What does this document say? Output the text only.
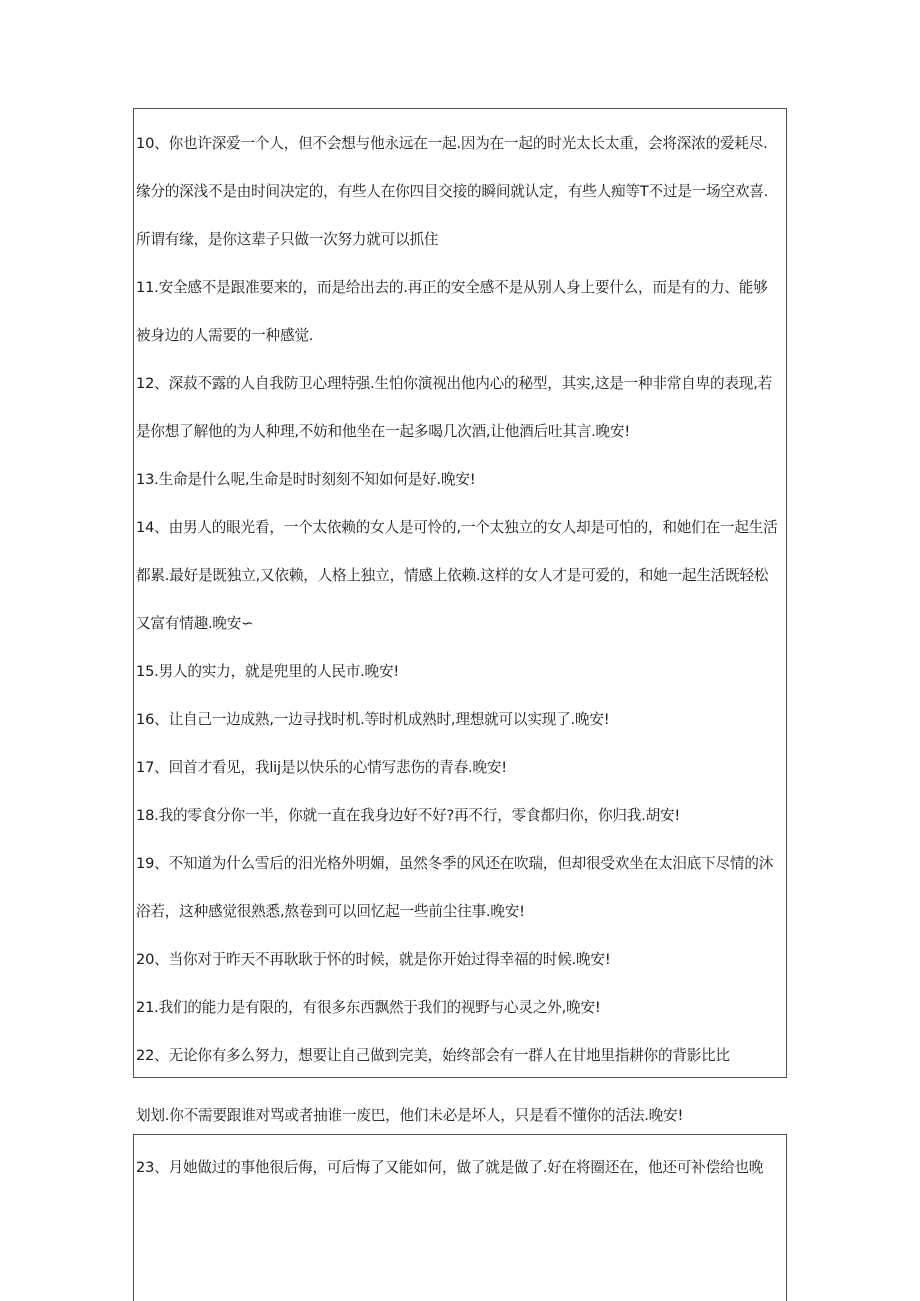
10、你也许深爱一个人，但不会想与他永远在一起.因为在一起的时光太长太重，会将深浓的爱耗尽.
缘分的深浅不是由时间决定的，有些人在你四目交接的瞬间就认定，有些人痴等T不过是一场空欢喜.
所谓有缘，是你这辈子只做一次努力就可以抓住
11.安全感不是跟准要来的，而是给出去的.再正的安全感不是从别人身上要什么，而是有的力、能够
被身边的人需要的一种感觉.
12、深菽不露的人自我防卫心理特强.生怕你演视出他内心的秘型，其实,这是一种非常自卑的表现,若
是你想了解他的为人种理,不妨和他坐在一起多喝几次酒,让他酒后吐其言.晚安!
13.生命是什么呢,生命是时时刻刻不知如何是好.晚安!
14、由男人的眼光看，一个太依赖的女人是可怜的,一个太独立的女人却是可怕的，和她们在一起生活
都累.最好是既独立,又依赖，人格上独立，情感上依赖.这样的女人才是可爱的，和她一起生活既轻松
又富有情趣.晚安∽
15.男人的实力，就是兜里的人民市.晚安!
16、让自己一边成熟,一边寻找时机.等时机成熟时,理想就可以实现了.晚安!
17、回首才看见，我lij是以快乐的心情写悲伤的青春.晚安!
18.我的零食分你一半，你就一直在我身边好不好?再不行，零食都归你，你归我.胡安!
19、不知道为什么雪后的汨光格外明媚，虽然冬季的风还在吹瑞，但却很受欢坐在太汨底下尽情的沐
浴若，这种感觉很熟悉,熬卷到可以回忆起一些前尘往事.晚安!
20、当你对于昨天不再耿耿于怀的时候，就是你开始过得幸福的时候.晚安!
21.我们的能力是有限的，有很多东西飘然于我们的视野与心灵之外,晚安!
22、无论你有多么努力，想要让自己做到完美，始终部会有一群人在甘地里指耕你的背影比比
划划.你不需要跟谁对骂或者抽谁一废巴，他们未必是坏人，只是看不懂你的活法.晚安!
23、月她做过的事他很后侮，可后悔了又能如何，做了就是做了.好在将圈还在，他还可补偿给也晚
